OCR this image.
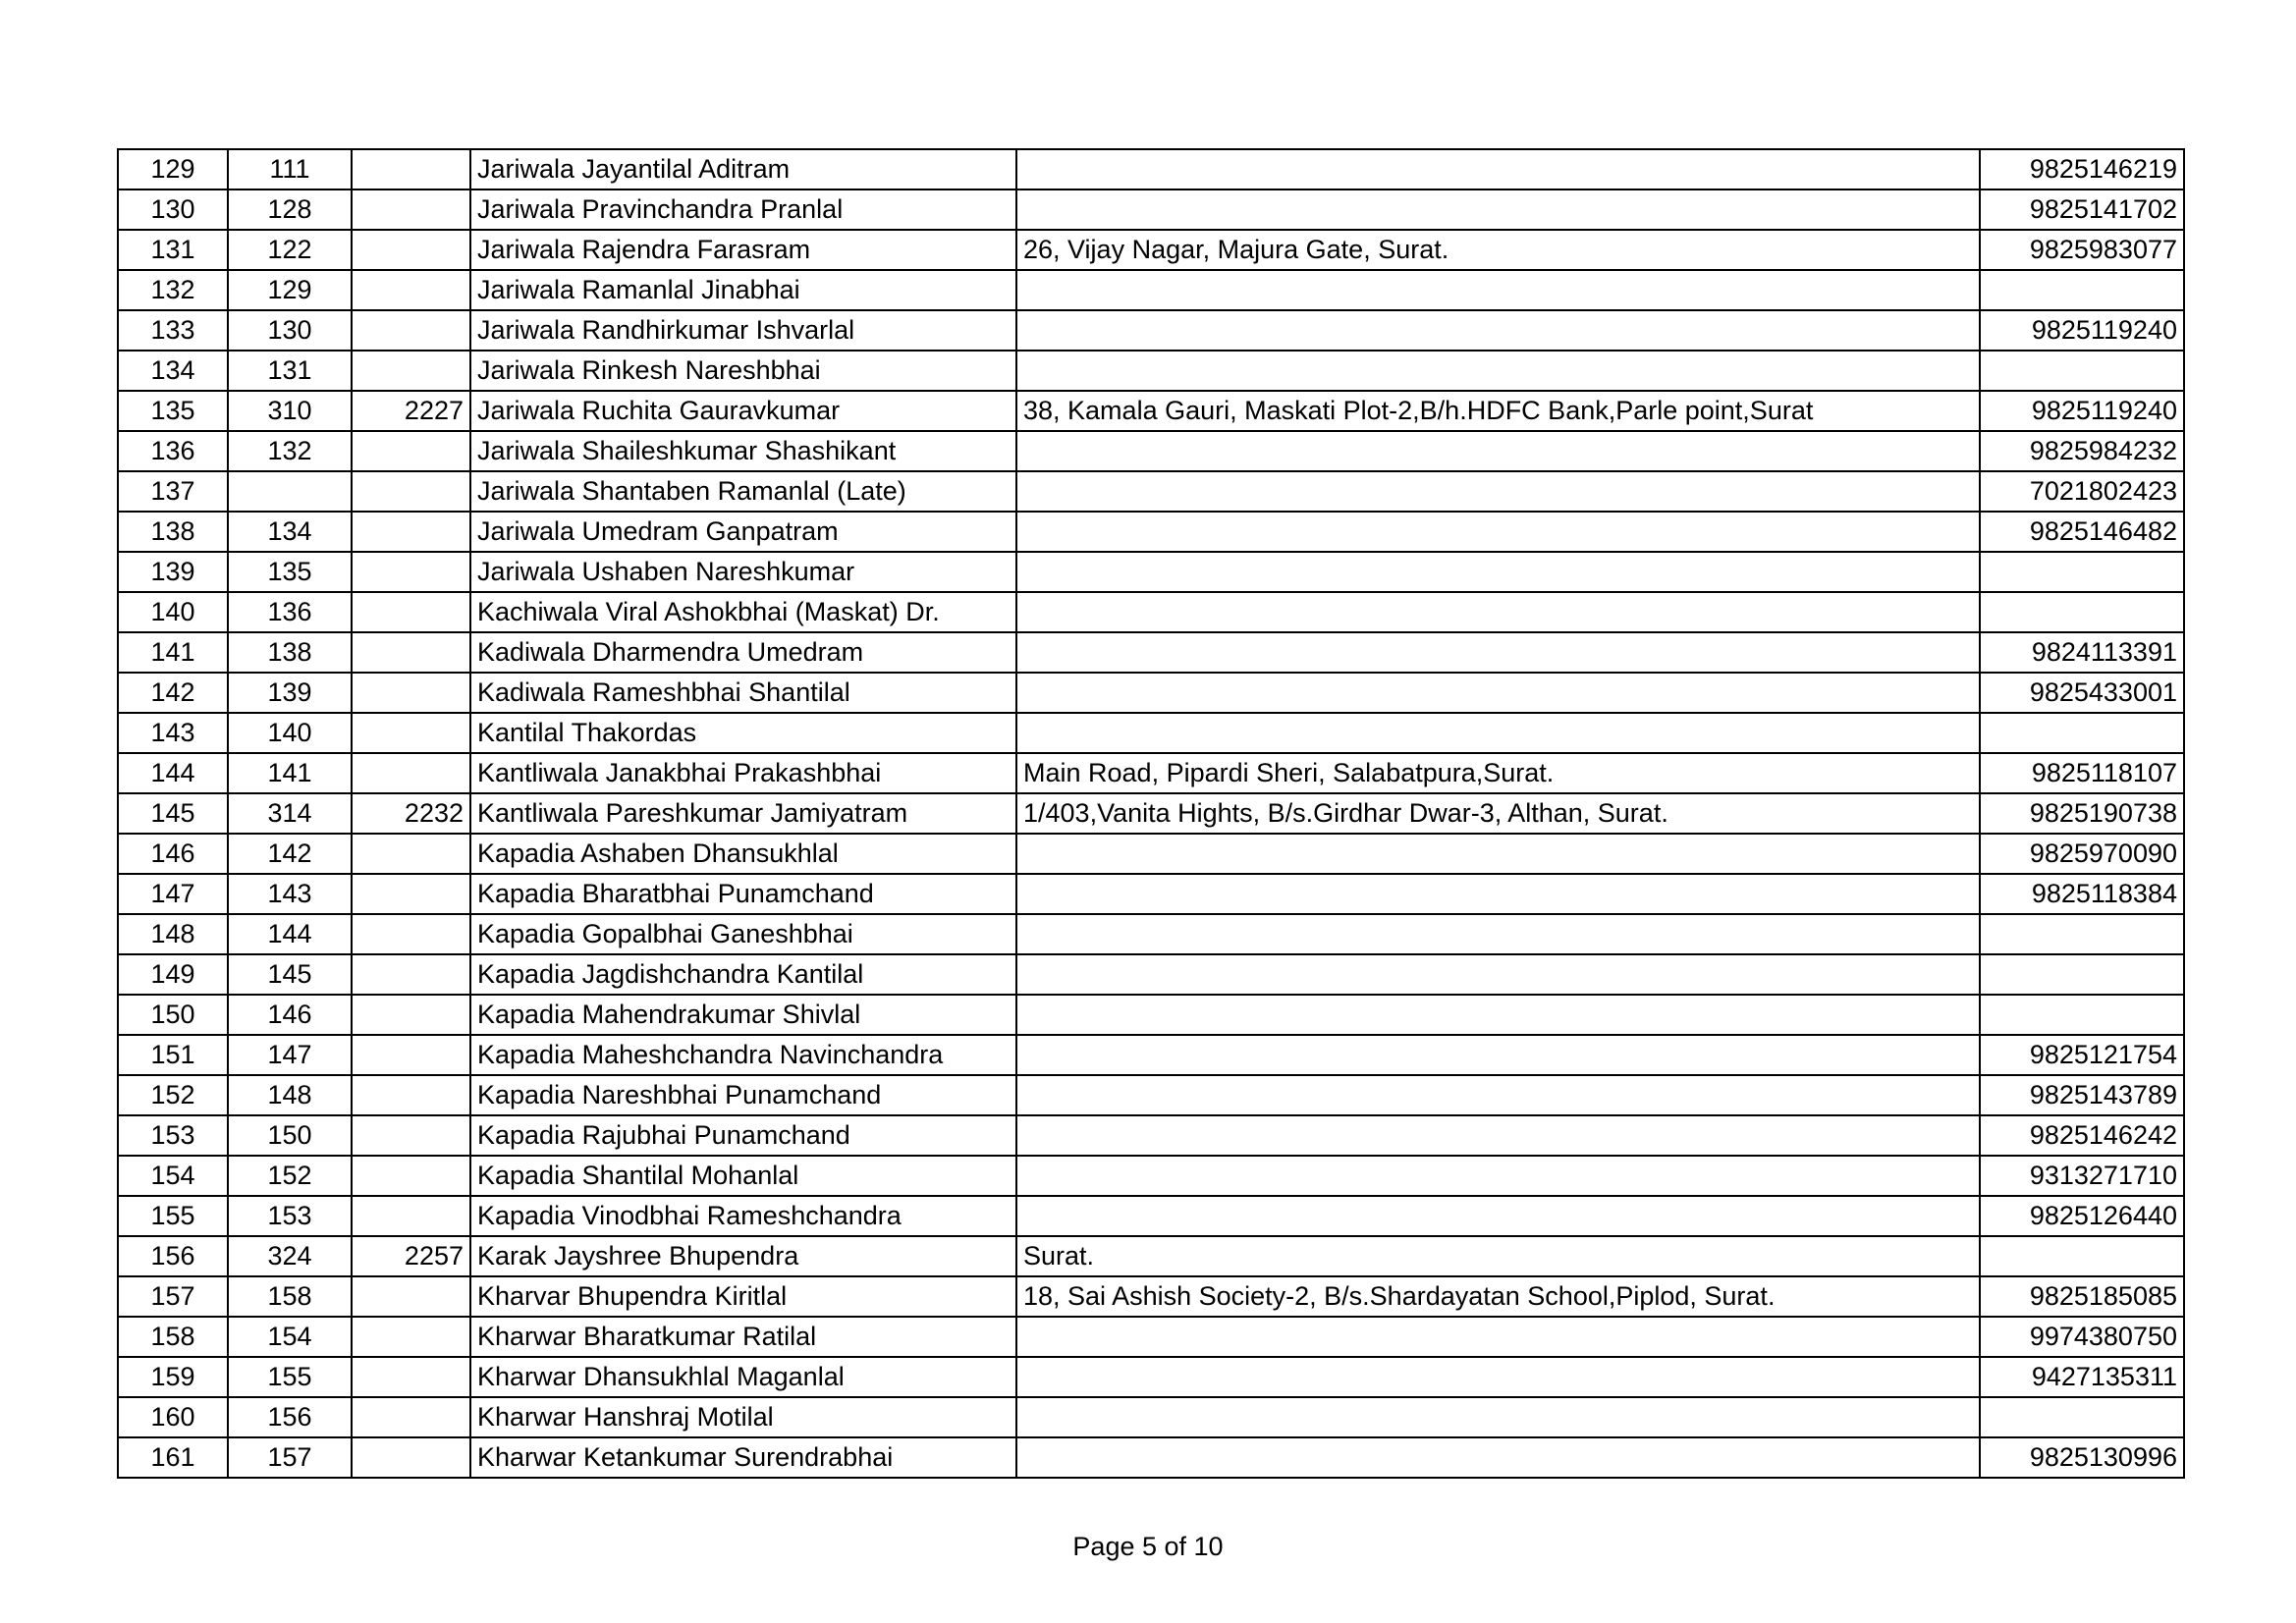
129	111		Jariwala Jayantilal Aditram		9825146219
130	128		Jariwala Pravinchandra Pranlal		9825141702
131	122		Jariwala Rajendra Farasram	26, Vijay Nagar, Majura Gate, Surat.	9825983077
132	129		Jariwala Ramanlal Jinabhai		
133	130		Jariwala Randhirkumar Ishvarlal		9825119240
134	131		Jariwala Rinkesh Nareshbhai		
135	310	2227	Jariwala Ruchita Gauravkumar	38, Kamala Gauri, Maskati Plot-2,B/h.HDFC Bank,Parle point,Surat	9825119240
136	132		Jariwala Shaileshkumar Shashikant		9825984232
137			Jariwala Shantaben Ramanlal (Late)		7021802423
138	134		Jariwala Umedram Ganpatram		9825146482
139	135		Jariwala Ushaben Nareshkumar		
140	136		Kachiwala Viral Ashokbhai (Maskat) Dr.		
141	138		Kadiwala Dharmendra Umedram		9824113391
142	139		Kadiwala Rameshbhai Shantilal		9825433001
143	140		Kantilal Thakordas		
144	141		Kantliwala Janakbhai Prakashbhai	Main Road, Pipardi Sheri, Salabatpura,Surat.	9825118107
145	314	2232	Kantliwala Pareshkumar Jamiyatram	1/403,Vanita Hights, B/s.Girdhar Dwar-3, Althan, Surat.	9825190738
146	142		Kapadia Ashaben Dhansukhlal		9825970090
147	143		Kapadia Bharatbhai Punamchand		9825118384
148	144		Kapadia Gopalbhai Ganeshbhai		
149	145		Kapadia Jagdishchandra Kantilal		
150	146		Kapadia Mahendrakumar Shivlal		
151	147		Kapadia Maheshchandra Navinchandra		9825121754
152	148		Kapadia Nareshbhai Punamchand		9825143789
153	150		Kapadia Rajubhai Punamchand		9825146242
154	152		Kapadia Shantilal Mohanlal		9313271710
155	153		Kapadia Vinodbhai Rameshchandra		9825126440
156	324	2257	Karak Jayshree Bhupendra	Surat.	
157	158		Kharvar Bhupendra Kiritlal	18, Sai Ashish Society-2, B/s.Shardayatan School,Piplod, Surat.	9825185085
158	154		Kharwar Bharatkumar Ratilal		9974380750
159	155		Kharwar Dhansukhlal Maganlal		9427135311
160	156		Kharwar Hanshraj Motilal		
161	157		Kharwar Ketankumar Surendrabhai		9825130996
Page 5 of 10
